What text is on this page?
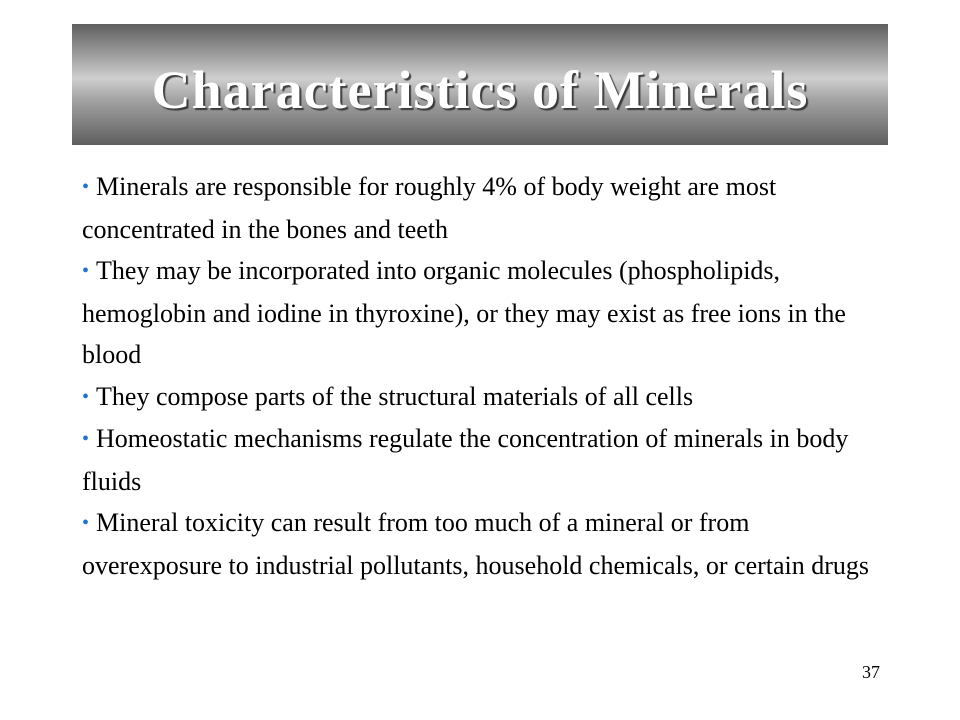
Characteristics of Minerals
• Minerals are responsible for roughly 4% of body weight are most concentrated in the bones and teeth
• They may be incorporated into organic molecules (phospholipids, hemoglobin and iodine in thyroxine), or they may exist as free ions in the blood
• They compose parts of the structural materials of all cells
• Homeostatic mechanisms regulate the concentration of minerals in body fluids
• Mineral toxicity can result from too much of a mineral or from overexposure to industrial pollutants, household chemicals, or certain drugs
37
